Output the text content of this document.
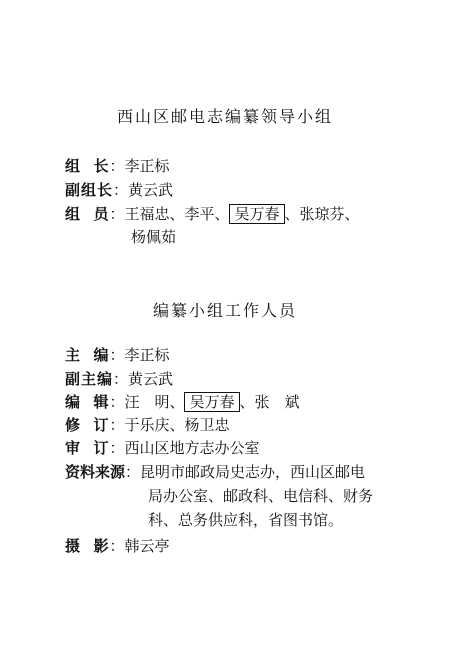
西山区邮电志编纂领导小组
组  长：李正标
副组长：黄云武
组  员：王福忠、李平、 吴万春 、张琼芬、
杨佩茹
编纂小组工作人员
主  编：李正标
副主编：黄云武
编  辑：汪　明、 吴万春 、张　斌
修  订：于乐庆、杨卫忠
审  订：西山区地方志办公室
资料来源：昆明市邮政局史志办，西山区邮电
局办公室、邮政科、电信科、财务
科、总务供应科，省图书馆。
摄  影：韩云亭
